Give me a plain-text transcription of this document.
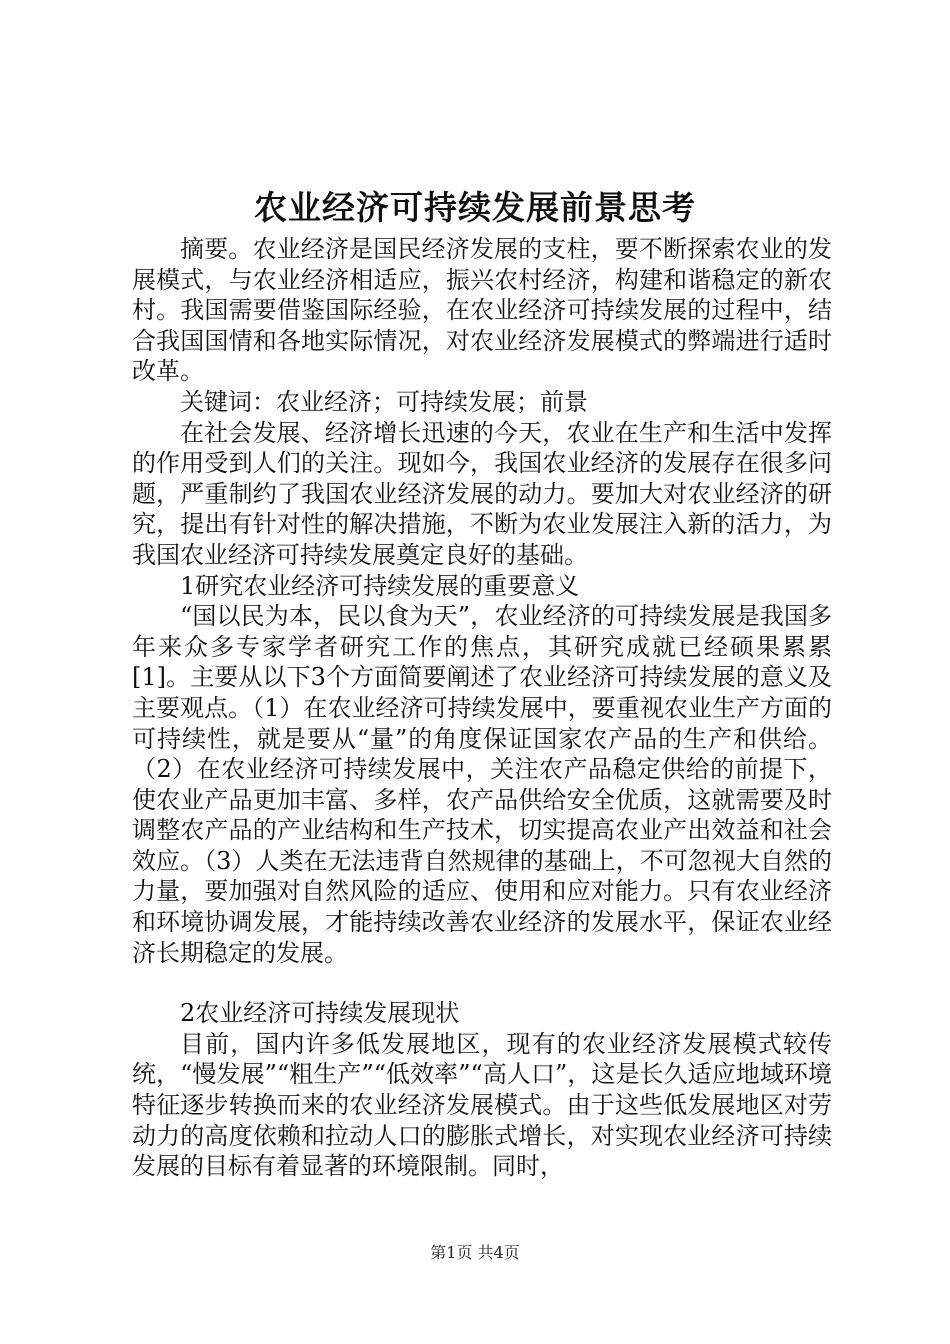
农业经济可持续发展前景思考

摘要。农业经济是国民经济发展的支柱，要不断探索农业的发展模式，与农业经济相适应，振兴农村经济，构建和谐稳定的新农村。我国需要借鉴国际经验，在农业经济可持续发展的过程中，结合我国国情和各地实际情况，对农业经济发展模式的弊端进行适时改革。

关键词：农业经济；可持续发展；前景

在社会发展、经济增长迅速的今天，农业在生产和生活中发挥的作用受到人们的关注。现如今，我国农业经济的发展存在很多问题，严重制约了我国农业经济发展的动力。要加大对农业经济的研究，提出有针对性的解决措施，不断为农业发展注入新的活力，为我国农业经济可持续发展奠定良好的基础。

1研究农业经济可持续发展的重要意义

“国以民为本，民以食为天”，农业经济的可持续发展是我国多年来众多专家学者研究工作的焦点，其研究成就已经硕果累累[1]。主要从以下3个方面简要阐述了农业经济可持续发展的意义及主要观点。（1）在农业经济可持续发展中，要重视农业生产方面的可持续性，就是要从“量”的角度保证国家农产品的生产和供给。（2）在农业经济可持续发展中，关注农产品稳定供给的前提下，使农业产品更加丰富、多样，农产品供给安全优质，这就需要及时调整农产品的产业结构和生产技术，切实提高农业产出效益和社会效应。（3）人类在无法违背自然规律的基础上，不可忽视大自然的力量，要加强对自然风险的适应、使用和应对能力。只有农业经济和环境协调发展，才能持续改善农业经济的发展水平，保证农业经济长期稳定的发展。

2农业经济可持续发展现状

目前，国内许多低发展地区，现有的农业经济发展模式较传统，“慢发展”“粗生产”“低效率”“高人口”，这是长久适应地域环境特征逐步转换而来的农业经济发展模式。由于这些低发展地区对劳动力的高度依赖和拉动人口的膨胀式增长，对实现农业经济可持续发展的目标有着显著的环境限制。同时，

第1页 共4页
